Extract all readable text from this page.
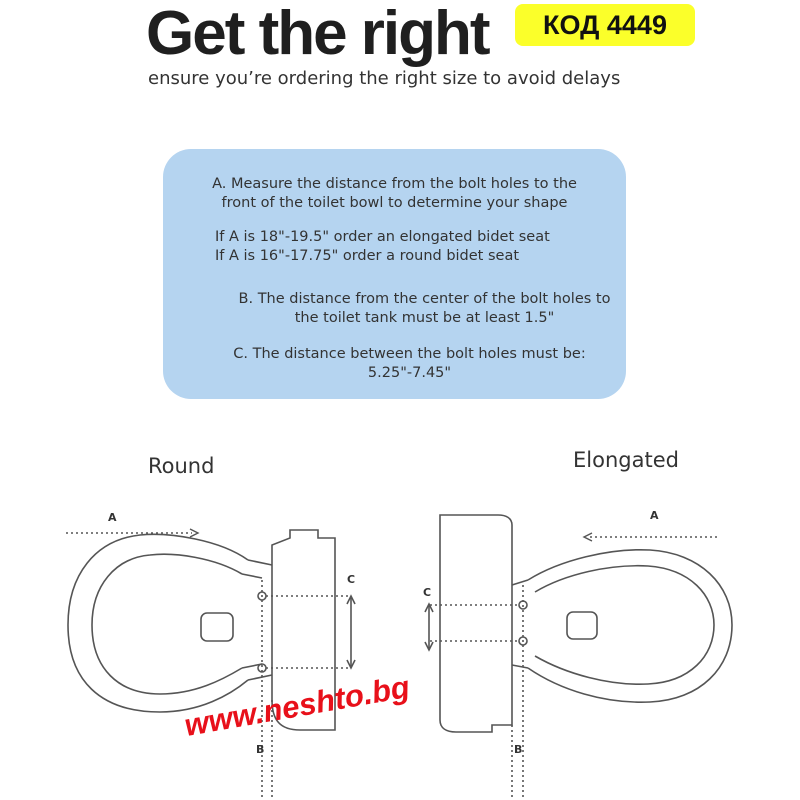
Get the right	КОД 4449

ensure you’re ordering the right size to avoid delays

A. Measure the distance from the bolt holes to the
front of the toilet bowl to determine your shape

If A is 18"-19.5" order an elongated bidet seat
If A is 16"-17.75" order a round bidet seat

B. The distance from the center of the bolt holes to
the toilet tank must be at least 1.5"

C. The distance between the bolt holes must be:
5.25"-7.45"

Round	Elongated
A
C
B
A
C
B
www.neshto.bg
